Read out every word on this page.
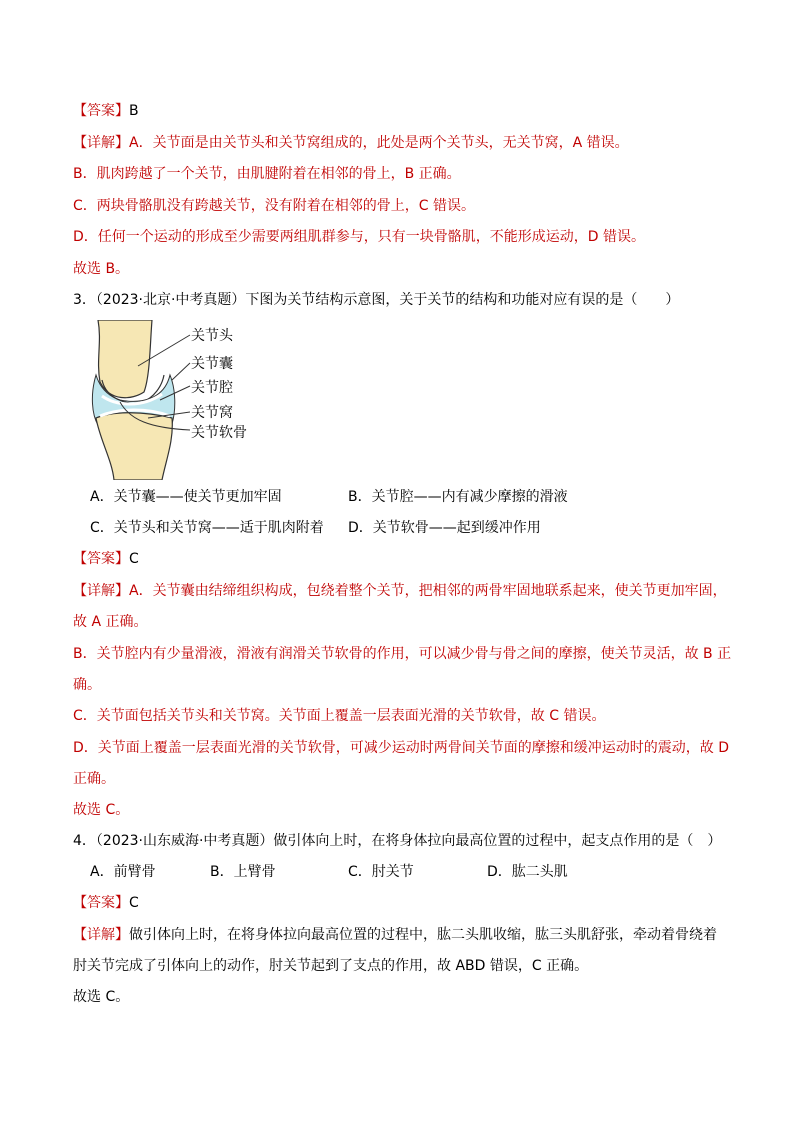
【答案】B
【详解】A．关节面是由关节头和关节窝组成的，此处是两个关节头，无关节窝，A 错误。
B．肌肉跨越了一个关节，由肌腱附着在相邻的骨上，B 正确。
C．两块骨骼肌没有跨越关节，没有附着在相邻的骨上，C 错误。
D．任何一个运动的形成至少需要两组肌群参与，只有一块骨骼肌，不能形成运动，D 错误。
故选 B。
3．（2023·北京·中考真题）下图为关节结构示意图，关于关节的结构和功能对应有误的是（　　）
关节头
关节囊
关节腔
关节窝
关节软骨
A．关节囊——使关节更加牢固	B．关节腔——内有减少摩擦的滑液
C．关节头和关节窝——适于肌肉附着 D．关节软骨——起到缓冲作用
【答案】C
【详解】A．关节囊由结缔组织构成，包绕着整个关节，把相邻的两骨牢固地联系起来，使关节更加牢固，
故 A 正确。
B．关节腔内有少量滑液，滑液有润滑关节软骨的作用，可以减少骨与骨之间的摩擦，使关节灵活，故 B 正
确。
C．关节面包括关节头和关节窝。关节面上覆盖一层表面光滑的关节软骨，故 C 错误。
D．关节面上覆盖一层表面光滑的关节软骨，可减少运动时两骨间关节面的摩擦和缓冲运动时的震动，故 D
正确。
故选 C。
4．（2023·山东威海·中考真题）做引体向上时，在将身体拉向最高位置的过程中，起支点作用的是（　）
A．前臂骨	B．上臂骨	C．肘关节	D．肱二头肌
【答案】C
【详解】做引体向上时，在将身体拉向最高位置的过程中，肱二头肌收缩，肱三头肌舒张，牵动着骨绕着
肘关节完成了引体向上的动作，肘关节起到了支点的作用，故 ABD 错误，C 正确。
故选 C。
